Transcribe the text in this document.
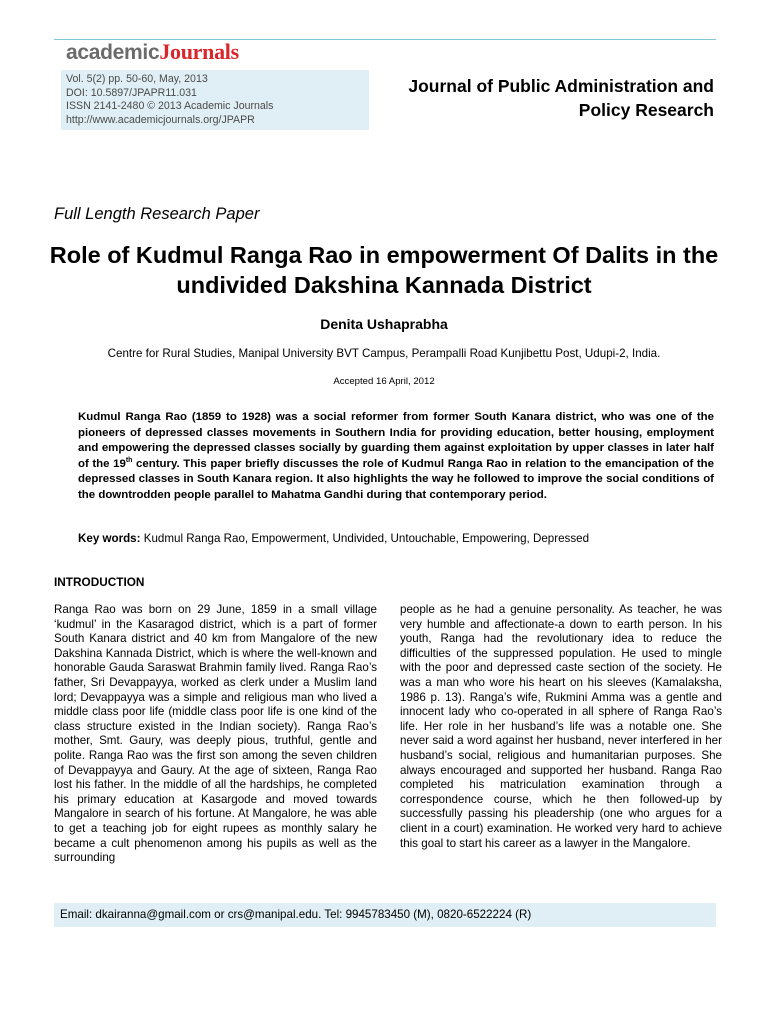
academicJournals
Vol. 5(2) pp. 50-60, May, 2013
DOI: 10.5897/JPAPR11.031
ISSN 2141-2480 © 2013 Academic Journals
http://www.academicjournals.org/JPAPR
Journal of Public Administration and Policy Research
Full Length Research Paper
Role of Kudmul Ranga Rao in empowerment Of Dalits in the undivided Dakshina Kannada District
Denita Ushaprabha
Centre for Rural Studies, Manipal University BVT Campus, Perampalli Road Kunjibettu Post, Udupi-2, India.
Accepted 16 April, 2012

Kudmul Ranga Rao (1859 to 1928) was a social reformer from former South Kanara district, who was one of the pioneers of depressed classes movements in Southern India for providing education, better housing, employment and empowering the depressed classes socially by guarding them against exploitation by upper classes in later half of the 19th century. This paper briefly discusses the role of Kudmul Ranga Rao in relation to the emancipation of the depressed classes in South Kanara region. It also highlights the way he followed to improve the social conditions of the downtrodden people parallel to Mahatma Gandhi during that contemporary period.

Key words: Kudmul Ranga Rao, Empowerment, Undivided, Untouchable, Empowering, Depressed
INTRODUCTION

Ranga Rao was born on 29 June, 1859 in a small village ‘kudmul’ in the Kasaragod district, which is a part of former South Kanara district and 40 km from Mangalore of the new Dakshina Kannada District, which is where the well-known and honorable Gauda Saraswat Brahmin family lived. Ranga Rao’s father, Sri Devappayya, worked as clerk under a Muslim land lord; Devappayya was a simple and religious man who lived a middle class poor life (middle class poor life is one kind of the class structure existed in the Indian society). Ranga Rao’s mother, Smt. Gaury, was deeply pious, truthful, gentle and polite. Ranga Rao was the first son among the seven children of Devappayya and Gaury. At the age of sixteen, Ranga Rao lost his father. In the middle of all the hardships, he completed his primary education at Kasargode and moved towards Mangalore in search of his fortune. At Mangalore, he was able to get a teaching job for eight rupees as monthly salary he became a cult phenomenon among his pupils as well as the surrounding

people as he had a genuine personality. As teacher, he was very humble and affectionate-a down to earth person. In his youth, Ranga had the revolutionary idea to reduce the difficulties of the suppressed population. He used to mingle with the poor and depressed caste section of the society. He was a man who wore his heart on his sleeves (Kamalaksha, 1986 p. 13). Ranga’s wife, Rukmini Amma was a gentle and innocent lady who co-operated in all sphere of Ranga Rao’s life. Her role in her husband’s life was a notable one. She never said a word against her husband, never interfered in her husband’s social, religious and humanitarian purposes. She always encouraged and supported her husband. Ranga Rao completed his matriculation examination through a correspondence course, which he then followed-up by successfully passing his pleadership (one who argues for a client in a court) examination. He worked very hard to achieve this goal to start his career as a lawyer in the Mangalore.

Email: dkairanna@gmail.com or crs@manipal.edu. Tel: 9945783450 (M), 0820-6522224 (R)
